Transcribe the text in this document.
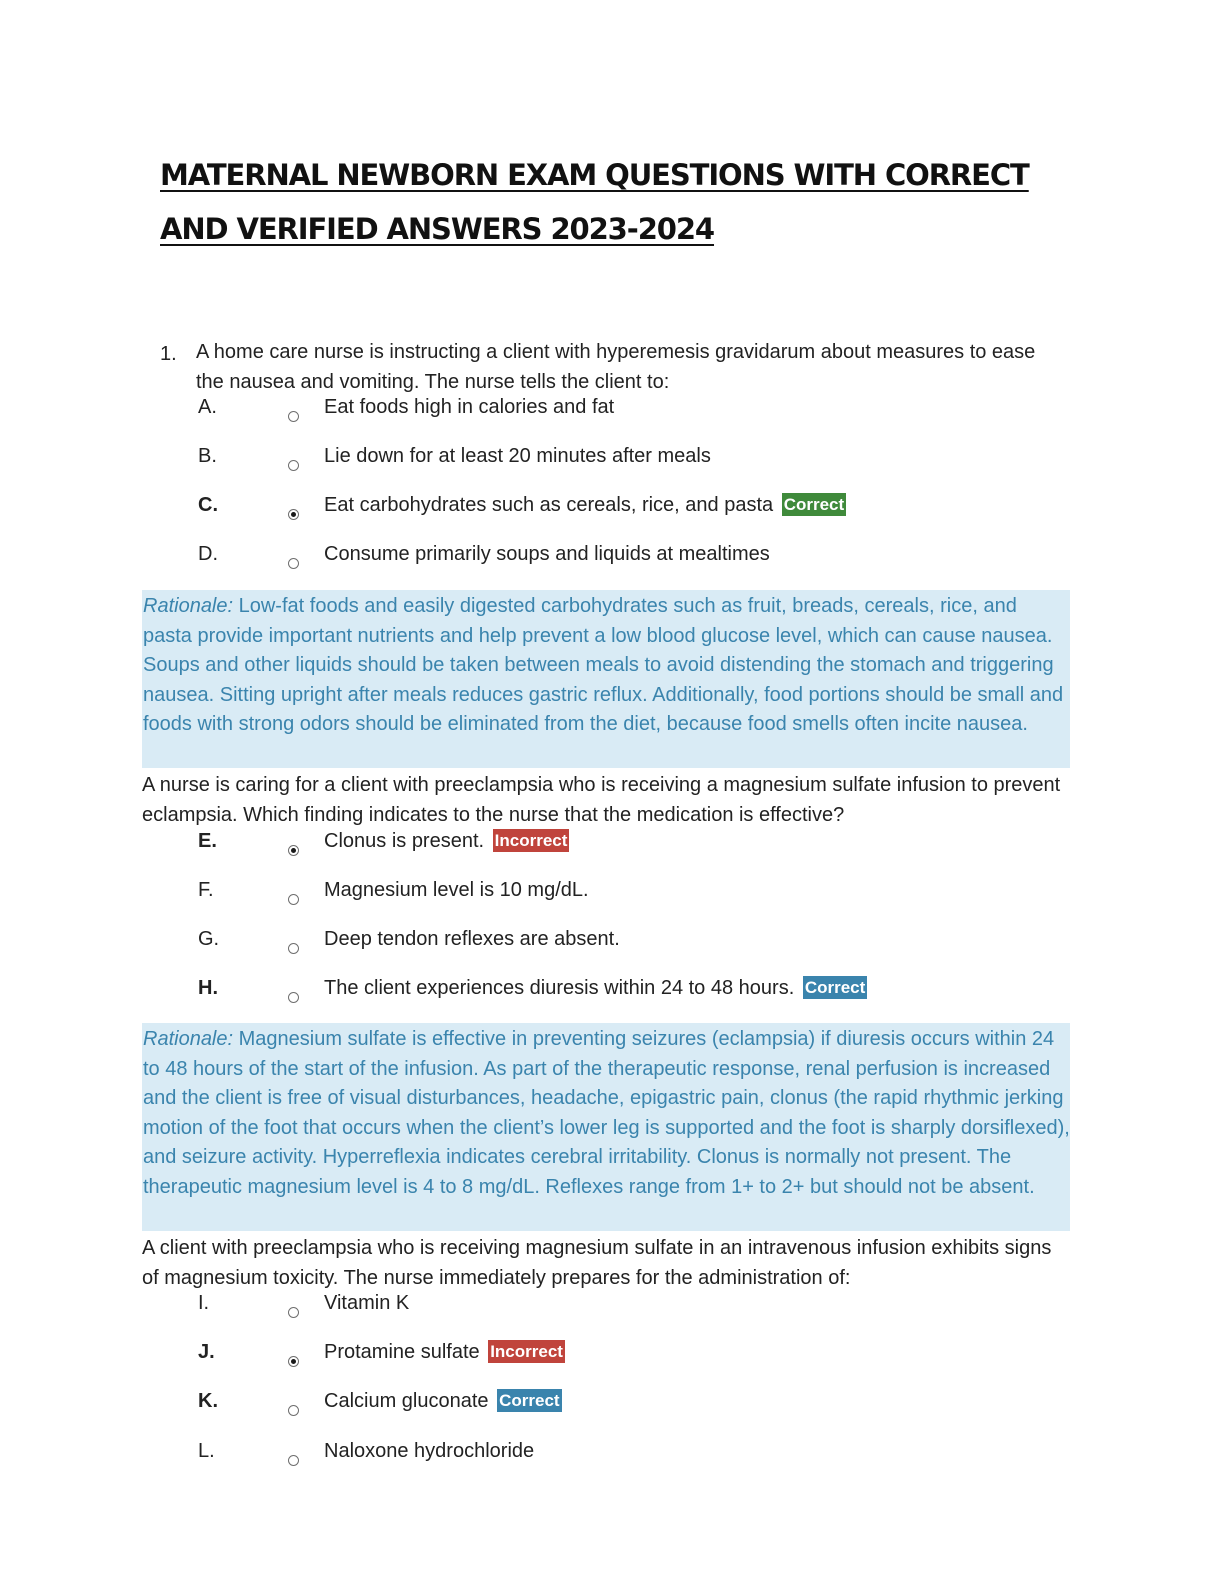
MATERNAL NEWBORN EXAM QUESTIONS WITH CORRECT AND VERIFIED ANSWERS 2023-2024
1. A home care nurse is instructing a client with hyperemesis gravidarum about measures to ease the nausea and vomiting. The nurse tells the client to:
A.	Eat foods high in calories and fat
B.	Lie down for at least 20 minutes after meals
C.	Eat carbohydrates such as cereals, rice, and pasta Correct
D.	Consume primarily soups and liquids at mealtimes
Rationale: Low-fat foods and easily digested carbohydrates such as fruit, breads, cereals, rice, and pasta provide important nutrients and help prevent a low blood glucose level, which can cause nausea. Soups and other liquids should be taken between meals to avoid distending the stomach and triggering nausea. Sitting upright after meals reduces gastric reflux. Additionally, food portions should be small and foods with strong odors should be eliminated from the diet, because food smells often incite nausea.
A nurse is caring for a client with preeclampsia who is receiving a magnesium sulfate infusion to prevent eclampsia. Which finding indicates to the nurse that the medication is effective?
E.	Clonus is present. Incorrect
F.	Magnesium level is 10 mg/dL.
G.	Deep tendon reflexes are absent.
H.	The client experiences diuresis within 24 to 48 hours. Correct
Rationale: Magnesium sulfate is effective in preventing seizures (eclampsia) if diuresis occurs within 24 to 48 hours of the start of the infusion. As part of the therapeutic response, renal perfusion is increased and the client is free of visual disturbances, headache, epigastric pain, clonus (the rapid rhythmic jerking motion of the foot that occurs when the client’s lower leg is supported and the foot is sharply dorsiflexed), and seizure activity. Hyperreflexia indicates cerebral irritability. Clonus is normally not present. The therapeutic magnesium level is 4 to 8 mg/dL. Reflexes range from 1+ to 2+ but should not be absent.
A client with preeclampsia who is receiving magnesium sulfate in an intravenous infusion exhibits signs of magnesium toxicity. The nurse immediately prepares for the administration of:
I.	Vitamin K
J.	Protamine sulfate Incorrect
K.	Calcium gluconate Correct
L.	Naloxone hydrochloride
